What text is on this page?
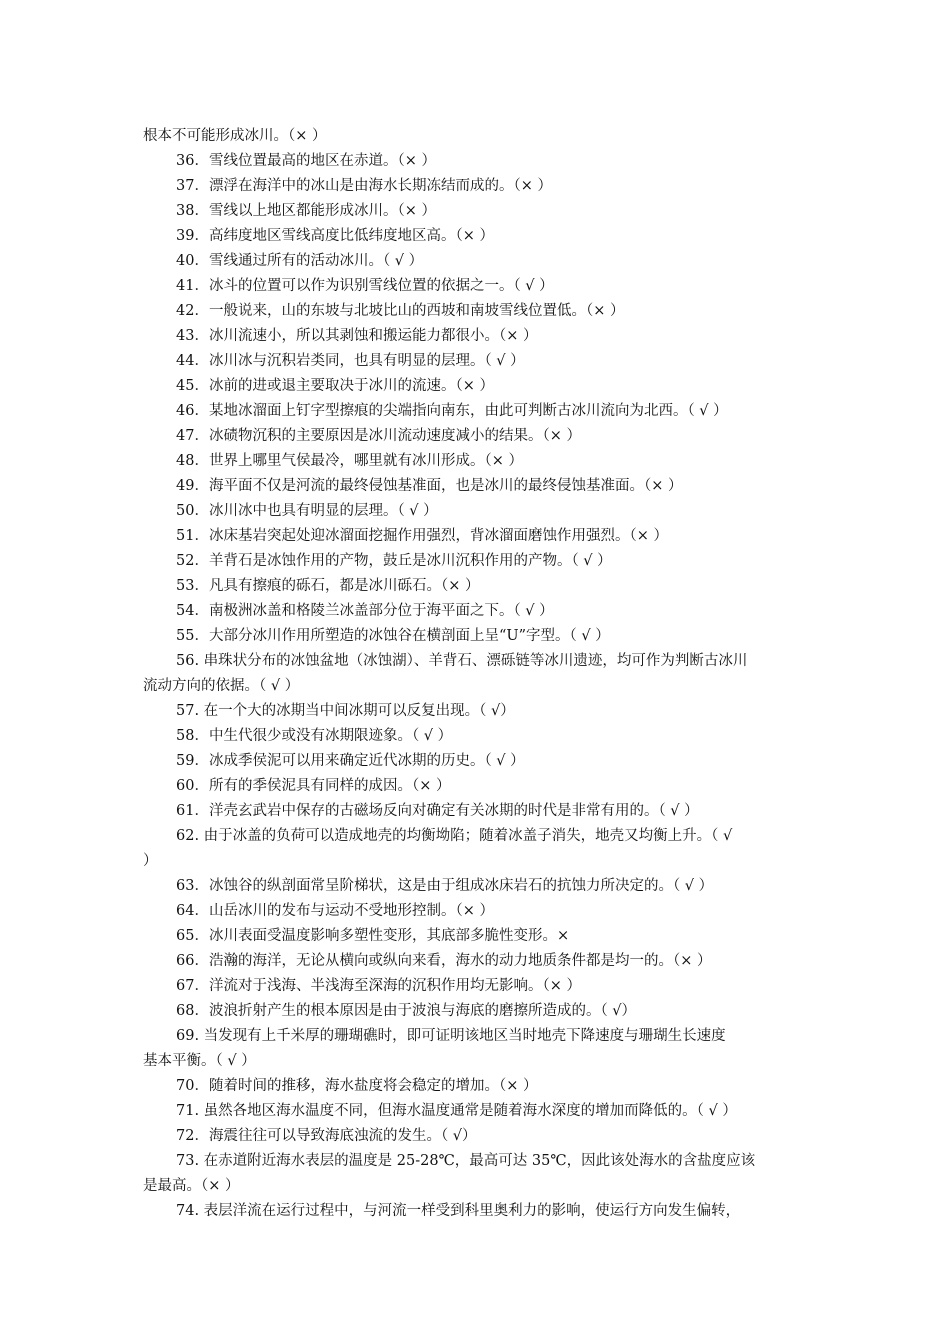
根本不可能形成冰川。（× ）
36．雪线位置最高的地区在赤道。（× ）
37．漂浮在海洋中的冰山是由海水长期冻结而成的。（× ）
38．雪线以上地区都能形成冰川。（× ）
39．高纬度地区雪线高度比低纬度地区高。（× ）
40．雪线通过所有的活动冰川。（ √ ）
41．冰斗的位置可以作为识别雪线位置的依据之一。（ √ ）
42．一般说来，山的东坡与北坡比山的西坡和南坡雪线位置低。（× ）
43．冰川流速小，所以其剥蚀和搬运能力都很小。（× ）
44．冰川冰与沉积岩类同，也具有明显的层理。（ √ ）
45．冰前的进或退主要取决于冰川的流速。（× ）
46．某地冰溜面上钉字型擦痕的尖端指向南东，由此可判断古冰川流向为北西。（ √ ）
47．冰碛物沉积的主要原因是冰川流动速度减小的结果。（× ）
48．世界上哪里气侯最冷，哪里就有冰川形成。（× ）
49．海平面不仅是河流的最终侵蚀基准面，也是冰川的最终侵蚀基准面。（× ）
50．冰川冰中也具有明显的层理。（ √ ）
51．冰床基岩突起处迎冰溜面挖掘作用强烈，背冰溜面磨蚀作用强烈。（× ）
52．羊背石是冰蚀作用的产物，鼓丘是冰川沉积作用的产物。（ √ ）
53．凡具有擦痕的砾石，都是冰川砾石。（× ）
54．南极洲冰盖和格陵兰冰盖部分位于海平面之下。（ √ ）
55．大部分冰川作用所塑造的冰蚀谷在横剖面上呈“U”字型。（ √ ）
56. 串珠状分布的冰蚀盆地（冰蚀湖）、羊背石、漂砾链等冰川遗迹，均可作为判断古冰川
流动方向的依据。（ √ ）
57. 在一个大的冰期当中间冰期可以反复出现。（ √）
58．中生代很少或没有冰期限迹象。（ √ ）
59．冰成季侯泥可以用来确定近代冰期的历史。（ √ ）
60．所有的季侯泥具有同样的成因。（× ）
61．洋壳玄武岩中保存的古磁场反向对确定有关冰期的时代是非常有用的。（ √ ）
62. 由于冰盖的负荷可以造成地壳的均衡坳陷；随着冰盖子消失，地壳又均衡上升。（ √
）
63．冰蚀谷的纵剖面常呈阶梯状，这是由于组成冰床岩石的抗蚀力所决定的。（ √ ）
64．山岳冰川的发布与运动不受地形控制。（× ）
65．冰川表面受温度影响多塑性变形，其底部多脆性变形。×
66．浩瀚的海洋，无论从横向或纵向来看，海水的动力地质条件都是均一的。（× ）
67．洋流对于浅海、半浅海至深海的沉积作用均无影响。（× ）
68．波浪折射产生的根本原因是由于波浪与海底的磨擦所造成的。（ √）
69. 当发现有上千米厚的珊瑚礁时，即可证明该地区当时地壳下降速度与珊瑚生长速度
基本平衡。（ √ ）
70．随着时间的推移，海水盐度将会稳定的增加。（× ）
71. 虽然各地区海水温度不同，但海水温度通常是随着海水深度的增加而降低的。（ √ ）
72．海震往往可以导致海底浊流的发生。（ √）
73. 在赤道附近海水表层的温度是 25-28℃，最高可达 35℃，因此该处海水的含盐度应该
是最高。（× ）
74. 表层洋流在运行过程中，与河流一样受到科里奥利力的影响，使运行方向发生偏转，
